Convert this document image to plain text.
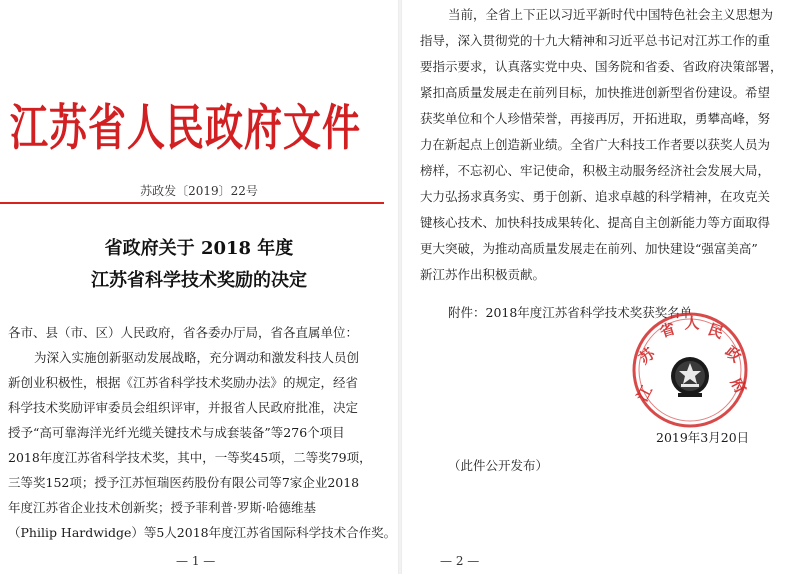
江苏省人民政府文件
苏政发〔2019〕22号
省政府关于 2018 年度
江苏省科学技术奖励的决定
各市、县（市、区）人民政府，省各委办厅局，省各直属单位：
为深入实施创新驱动发展战略，充分调动和激发科技人员创
新创业积极性，根据《江苏省科学技术奖励办法》的规定，经省
科学技术奖励评审委员会组织评审，并报省人民政府批准，决定
授予“高可靠海洋光纤光缆关键技术与成套装备”等276个项目
2018年度江苏省科学技术奖，其中，一等奖45项，二等奖79项，
三等奖152项；授予江苏恒瑞医药股份有限公司等7家企业2018
年度江苏省企业技术创新奖；授予菲利普·罗斯·哈德维基
（Philip Hardwidge）等5人2018年度江苏省国际科学技术合作奖。
— 1 —
当前，全省上下正以习近平新时代中国特色社会主义思想为
指导，深入贯彻党的十九大精神和习近平总书记对江苏工作的重
要指示要求，认真落实党中央、国务院和省委、省政府决策部署，
紧扣高质量发展走在前列目标，加快推进创新型省份建设。希望
获奖单位和个人珍惜荣誉，再接再厉，开拓进取，勇攀高峰，努
力在新起点上创造新业绩。全省广大科技工作者要以获奖人员为
榜样，不忘初心、牢记使命，积极主动服务经济社会发展大局，
大力弘扬求真务实、勇于创新、追求卓越的科学精神，在攻克关
键核心技术、加快科技成果转化、提高自主创新能力等方面取得
更大突破，为推动高质量发展走在前列、加快建设“强富美高”
新江苏作出积极贡献。
附件：2018年度江苏省科学技术奖获奖名单
江
苏
省 人 民
政
府
2019年3月20日
（此件公开发布）
— 2 —
